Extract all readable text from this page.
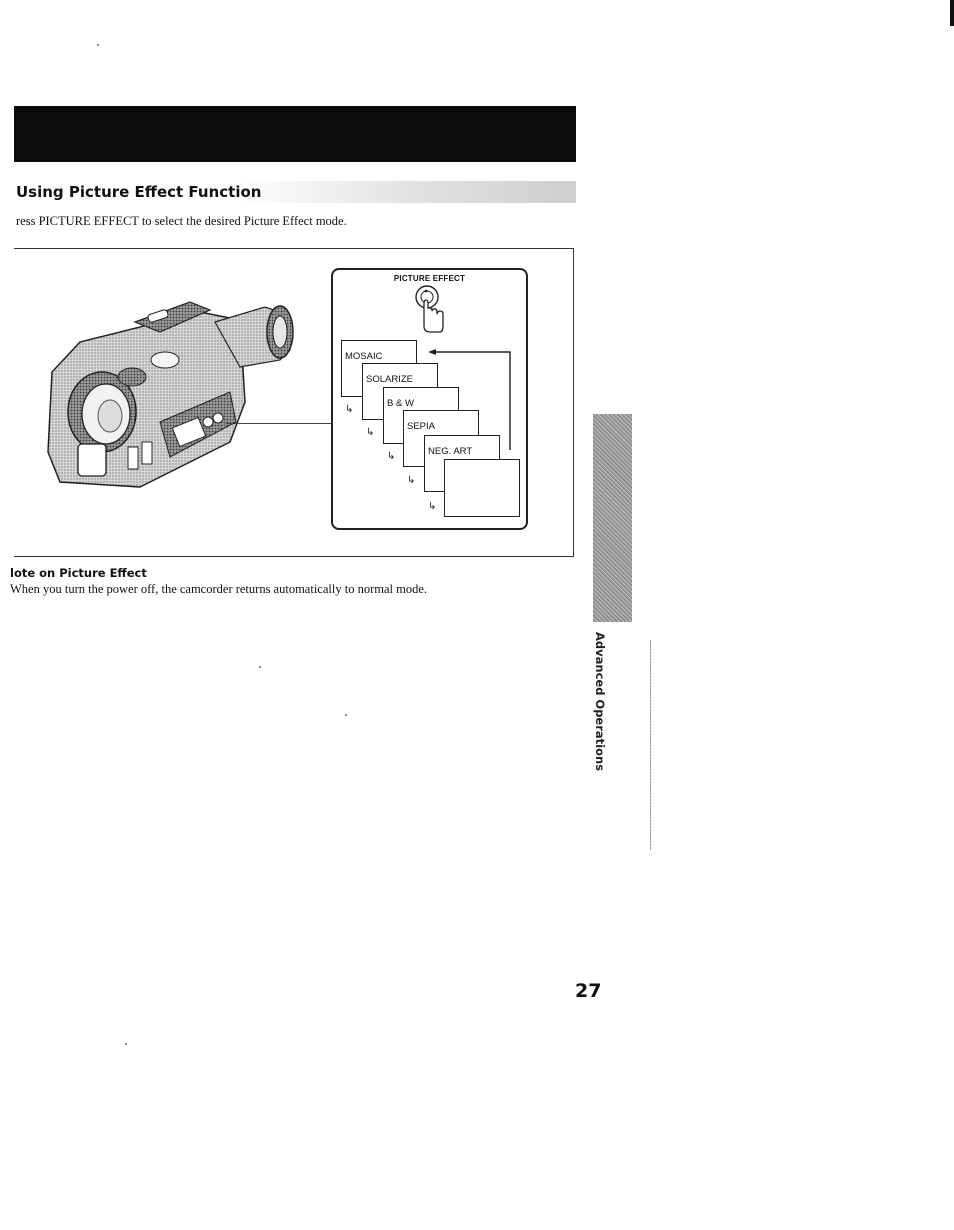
Using Picture Effect Function
ress PICTURE EFFECT to select the desired Picture Effect mode.
PICTURE EFFECT
MOSAIC
SOLARIZE
B & W
SEPIA
NEG. ART
↳
↳
↳
↳
↳
lote on Picture Effect
When you turn the power off, the camcorder returns automatically to normal mode.
Advanced Operations
27
